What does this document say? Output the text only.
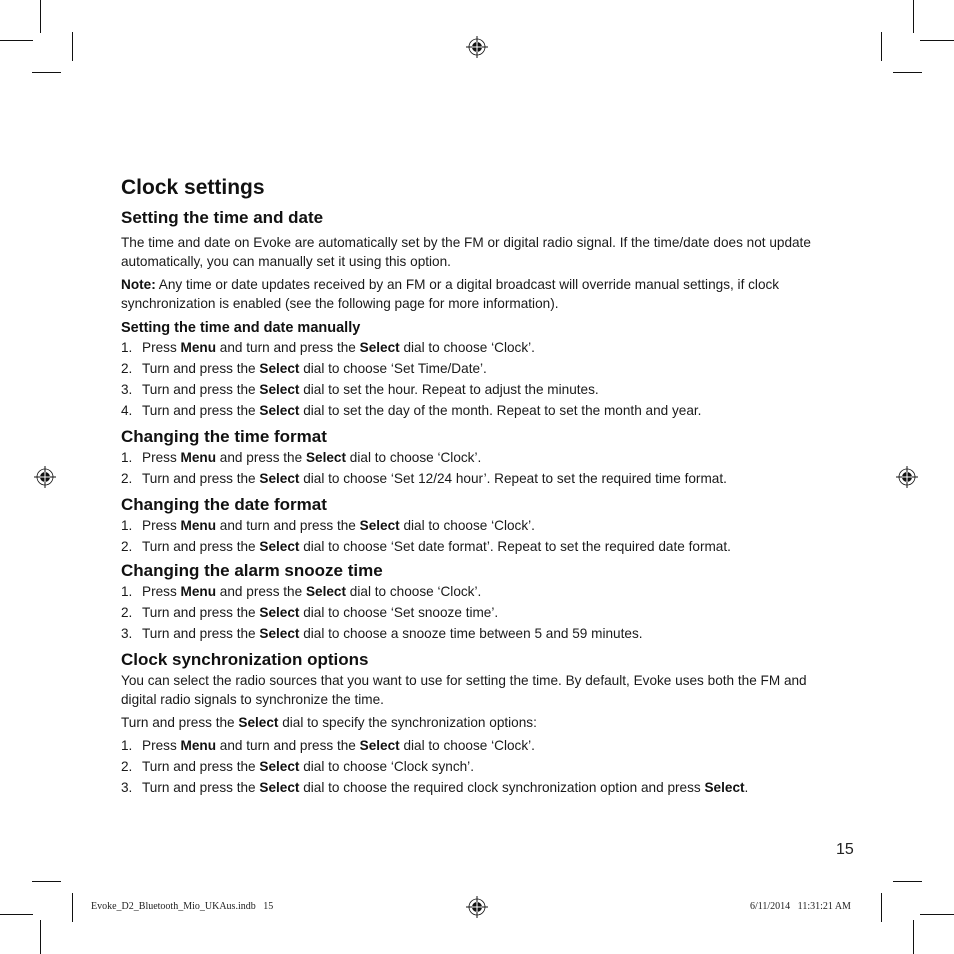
Clock settings
Setting the time and date

The time and date on Evoke are automatically set by the FM or digital radio signal. If the time/date does not update automatically, you can manually set it using this option.

Note: Any time or date updates received by an FM or a digital broadcast will override manual settings, if clock synchronization is enabled (see the following page for more information).

Setting the time and date manually
1. Press Menu and turn and press the Select dial to choose ‘Clock’.
2. Turn and press the Select dial to choose ‘Set Time/Date’.
3. Turn and press the Select dial to set the hour. Repeat to adjust the minutes.
4. Turn and press the Select dial to set the day of the month. Repeat to set the month and year.
Changing the time format
1. Press Menu and press the Select dial to choose ‘Clock’.
2. Turn and press the Select dial to choose ‘Set 12/24 hour’. Repeat to set the required time format.
Changing the date format
1. Press Menu and turn and press the Select dial to choose ‘Clock’.
2. Turn and press the Select dial to choose ‘Set date format’. Repeat to set the required date format.
Changing the alarm snooze time
1. Press Menu and press the Select dial to choose ‘Clock’.
2. Turn and press the Select dial to choose ‘Set snooze time’.
3. Turn and press the Select dial to choose a snooze time between 5 and 59 minutes.
Clock synchronization options

You can select the radio sources that you want to use for setting the time. By default, Evoke uses both the FM and digital radio signals to synchronize the time.

Turn and press the Select dial to specify the synchronization options:

1. Press Menu and turn and press the Select dial to choose ‘Clock’.
2. Turn and press the Select dial to choose ‘Clock synch’.
3. Turn and press the Select dial to choose the required clock synchronization option and press Select.
15
Evoke_D2_Bluetooth_Mio_UKAus.indb   15	6/11/2014   11:31:21 AM
